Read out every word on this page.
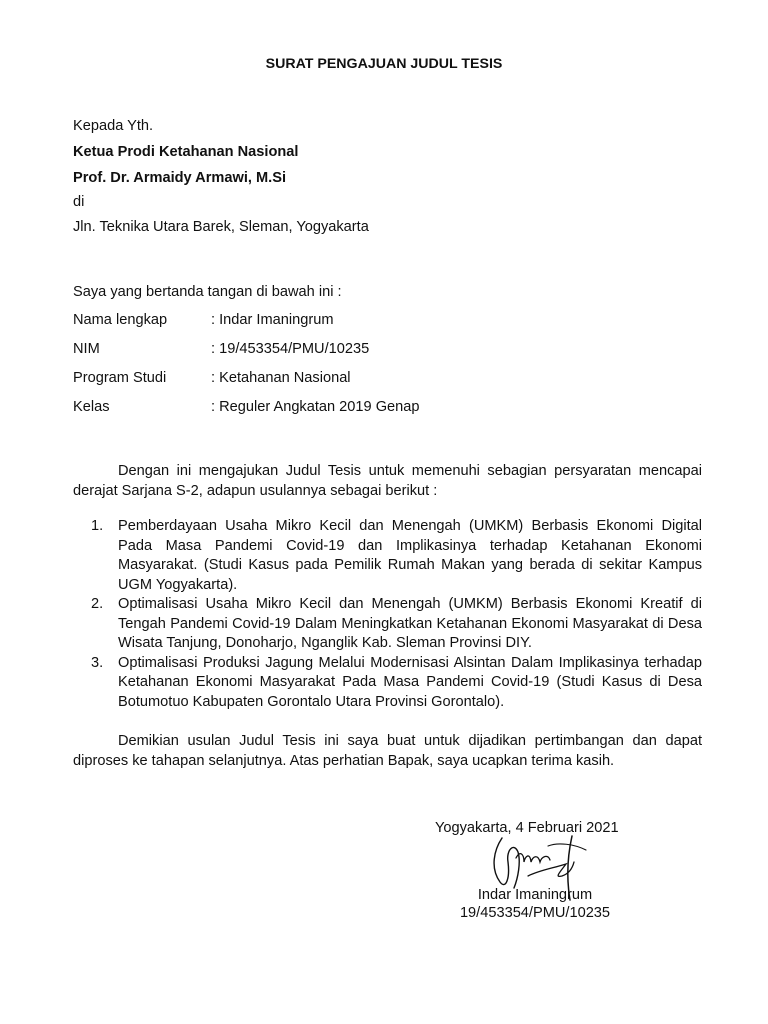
SURAT PENGAJUAN JUDUL TESIS
Kepada Yth.
Ketua Prodi Ketahanan Nasional
Prof. Dr. Armaidy Armawi, M.Si
di
Jln. Teknika Utara Barek, Sleman, Yogyakarta
Saya yang bertanda tangan di bawah ini :
Nama lengkap	: Indar Imaningrum
NIM	: 19/453354/PMU/10235
Program Studi	: Ketahanan Nasional
Kelas	: Reguler Angkatan 2019 Genap
Dengan ini mengajukan Judul Tesis untuk memenuhi sebagian persyaratan mencapai derajat Sarjana S-2, adapun usulannya sebagai berikut :
1. Pemberdayaan Usaha Mikro Kecil dan Menengah (UMKM) Berbasis Ekonomi Digital Pada Masa Pandemi Covid-19 dan Implikasinya terhadap Ketahanan Ekonomi Masyarakat. (Studi Kasus pada Pemilik Rumah Makan yang berada di sekitar Kampus UGM Yogyakarta).
2. Optimalisasi Usaha Mikro Kecil dan Menengah (UMKM) Berbasis Ekonomi Kreatif di Tengah Pandemi Covid-19 Dalam Meningkatkan Ketahanan Ekonomi Masyarakat di Desa Wisata Tanjung, Donoharjo, Nganglik Kab. Sleman Provinsi DIY.
3. Optimalisasi Produksi Jagung Melalui Modernisasi Alsintan Dalam Implikasinya terhadap Ketahanan Ekonomi Masyarakat Pada Masa Pandemi Covid-19 (Studi Kasus di Desa Botumotuo Kabupaten Gorontalo Utara Provinsi Gorontalo).
Demikian usulan Judul Tesis ini saya buat untuk dijadikan pertimbangan dan dapat diproses ke tahapan selanjutnya. Atas perhatian Bapak, saya ucapkan terima kasih.
Yogyakarta, 4 Februari 2021
Indar Imaningrum
19/453354/PMU/10235
